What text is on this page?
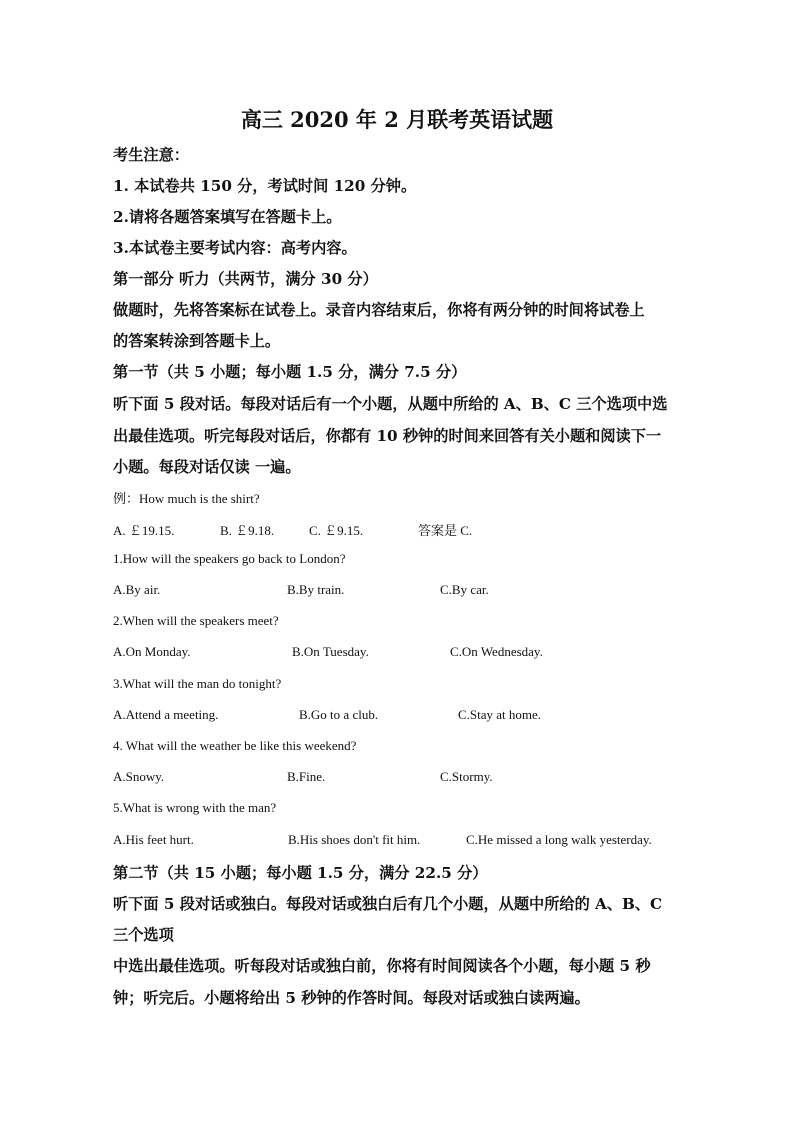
高三 2020 年 2 月联考英语试题
考生注意：
1. 本试卷共 150 分，考试时间 120 分钟。
2.请将各题答案填写在答题卡上。
3.本试卷主要考试内容：高考内容。
第一部分 听力（共两节，满分 30 分）
做题时，先将答案标在试卷上。录音内容结束后，你将有两分钟的时间将试卷上
的答案转涂到答题卡上。
第一节（共 5 小题；每小题 1.5 分，满分 7.5 分）
听下面 5 段对话。每段对话后有一个小题，从题中所给的 A、B、C 三个选项中选
出最佳选项。听完每段对话后，你都有 10 秒钟的时间来回答有关小题和阅读下一
小题。每段对话仅读 一遍。
例：How much is the shirt?
A. ￡19.15.	B. ￡9.18.	C. ￡9.15.	答案是 C.
1.How will the speakers go back to London?
A.By air.	B.By train.	C.By car.
2.When will the speakers meet?
A.On Monday.	B.On Tuesday.	C.On Wednesday.
3.What will the man do tonight?
A.Attend a meeting.	B.Go to a club.	C.Stay at home.
4. What will the weather be like this weekend?
A.Snowy.	B.Fine.	C.Stormy.
5.What is wrong with the man?
A.His feet hurt.	B.His shoes don't fit him.	C.He missed a long walk yesterday.
第二节（共 15 小题；每小题 1.5 分，满分 22.5 分）
听下面 5 段对话或独白。每段对话或独白后有几个小题，从题中所给的 A、B、C
三个选项
中选出最佳选项。听每段对话或独白前，你将有时间阅读各个小题，每小题 5 秒
钟；听完后。小题将给出 5 秒钟的作答时间。每段对话或独白读两遍。
